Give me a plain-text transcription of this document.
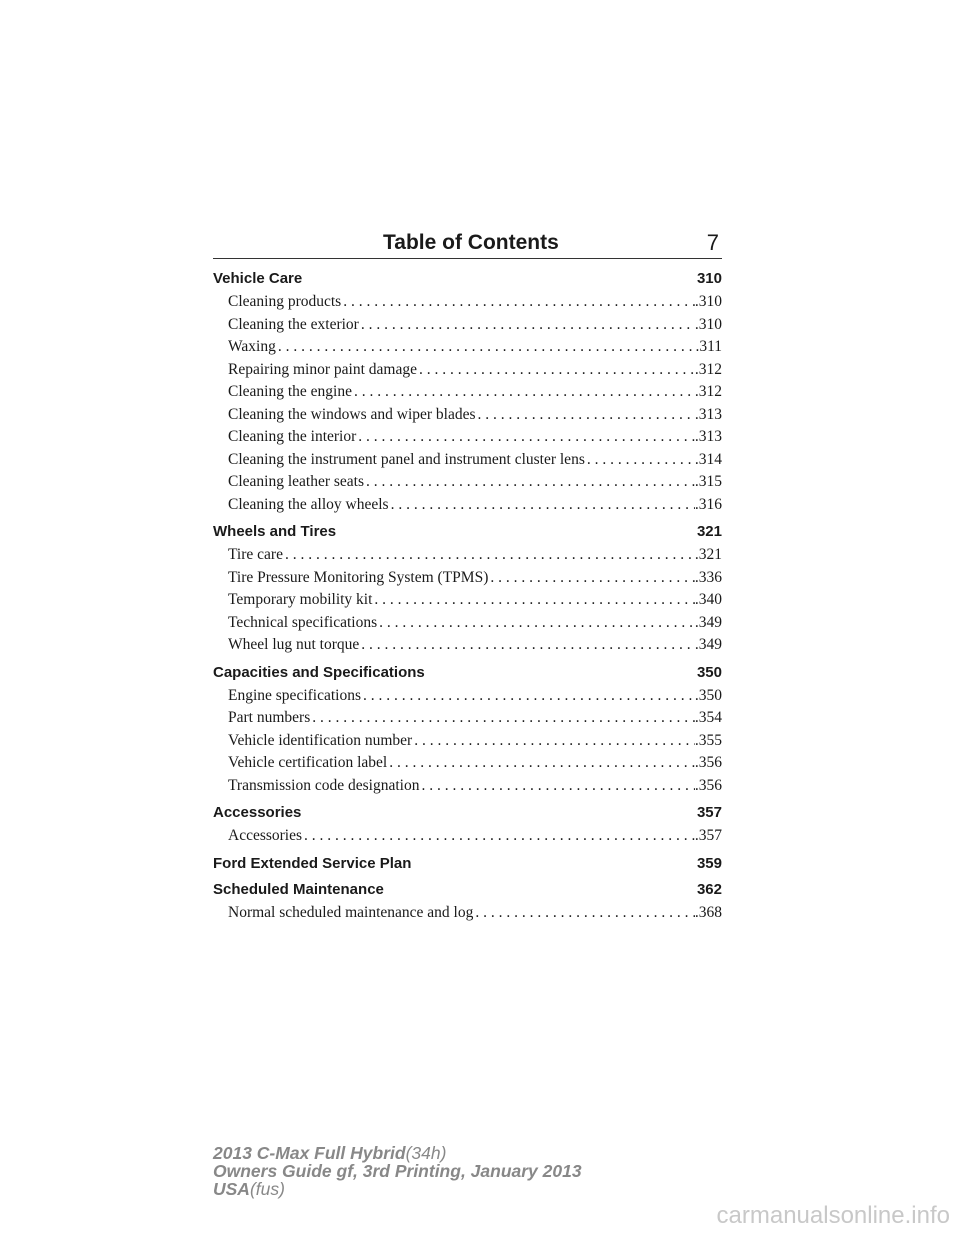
Table of Contents	7
Vehicle Care	310
Cleaning products . . .	.310
Cleaning the exterior . . .	.310
Waxing . . .	.311
Repairing minor paint damage . . .	.312
Cleaning the engine . . .	.312
Cleaning the windows and wiper blades . . .	.313
Cleaning the interior . . .	.313
Cleaning the instrument panel and instrument cluster lens . . .	.314
Cleaning leather seats . . .	.315
Cleaning the alloy wheels . . .	.316
Wheels and Tires	321
Tire care . . .	.321
Tire Pressure Monitoring System (TPMS) . . .	.336
Temporary mobility kit . . .	.340
Technical specifications . . .	.349
Wheel lug nut torque . . .	.349
Capacities and Specifications	350
Engine specifications . . .	.350
Part numbers . . .	.354
Vehicle identification number . . .	.355
Vehicle certification label . . .	.356
Transmission code designation . . .	.356
Accessories	357
Accessories . . .	.357
Ford Extended Service Plan	359
Scheduled Maintenance	362
Normal scheduled maintenance and log . . .	.368
2013 C-Max Full Hybrid(34h)
Owners Guide gf, 3rd Printing, January 2013
USA(fus)
carmanualsonline.info
